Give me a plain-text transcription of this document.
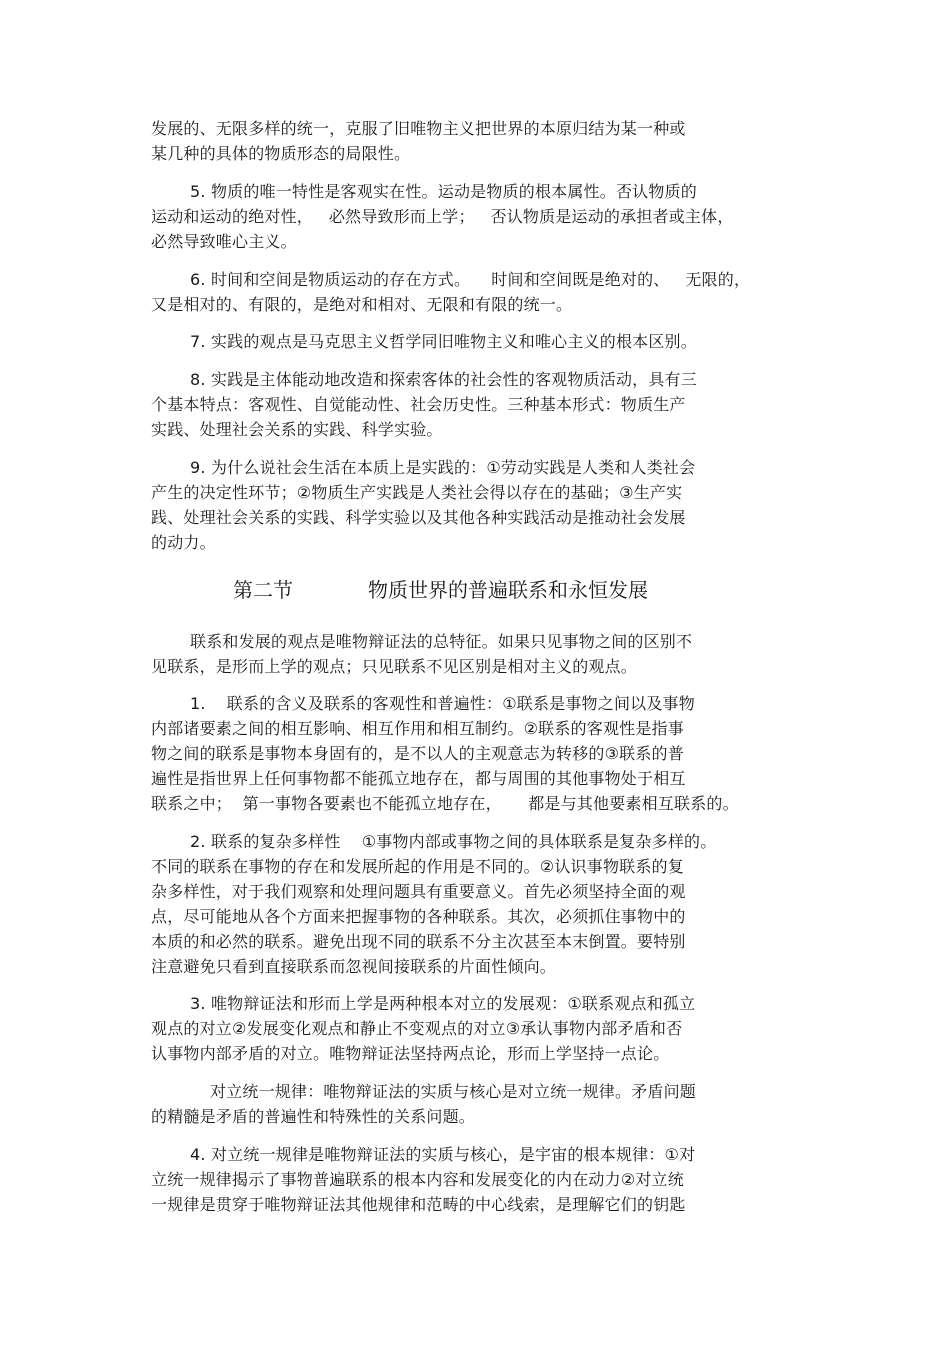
发展的、无限多样的统一，克服了旧唯物主义把世界的本原归结为某一种或
某几种的具体的物质形态的局限性。
5. 物质的唯一特性是客观实在性。运动是物质的根本属性。否认物质的
运动和运动的绝对性，   必然导致形而上学；   否认物质是运动的承担者或主体，
必然导致唯心主义。
6. 时间和空间是物质运动的存在方式。    时间和空间既是绝对的、   无限的，
又是相对的、有限的，是绝对和相对、无限和有限的统一。
7. 实践的观点是马克思主义哲学同旧唯物主义和唯心主义的根本区别。
8. 实践是主体能动地改造和探索客体的社会性的客观物质活动，具有三
个基本特点：客观性、自觉能动性、社会历史性。三种基本形式：物质生产
实践、处理社会关系的实践、科学实验。
9. 为什么说社会生活在本质上是实践的：①劳动实践是人类和人类社会
产生的决定性环节；②物质生产实践是人类社会得以存在的基础；③生产实
践、处理社会关系的实践、科学实验以及其他各种实践活动是推动社会发展
的动力。
第二节	物质世界的普遍联系和永恒发展
联系和发展的观点是唯物辩证法的总特征。如果只见事物之间的区别不
见联系，是形而上学的观点；只见联系不见区别是相对主义的观点。
1.    联系的含义及联系的客观性和普遍性：①联系是事物之间以及事物
内部诸要素之间的相互影响、相互作用和相互制约。②联系的客观性是指事
物之间的联系是事物本身固有的，是不以人的主观意志为转移的③联系的普
遍性是指世界上任何事物都不能孤立地存在，都与周围的其他事物处于相互
联系之中；  第一事物各要素也不能孤立地存在，     都是与其他要素相互联系的。
2. 联系的复杂多样性    ①事物内部或事物之间的具体联系是复杂多样的。
不同的联系在事物的存在和发展所起的作用是不同的。②认识事物联系的复
杂多样性，对于我们观察和处理问题具有重要意义。首先必须坚持全面的观
点，尽可能地从各个方面来把握事物的各种联系。其次，必须抓住事物中的
本质的和必然的联系。避免出现不同的联系不分主次甚至本末倒置。要特别
注意避免只看到直接联系而忽视间接联系的片面性倾向。
3. 唯物辩证法和形而上学是两种根本对立的发展观：①联系观点和孤立
观点的对立②发展变化观点和静止不变观点的对立③承认事物内部矛盾和否
认事物内部矛盾的对立。唯物辩证法坚持两点论，形而上学坚持一点论。
对立统一规律：唯物辩证法的实质与核心是对立统一规律。矛盾问题
的精髓是矛盾的普遍性和特殊性的关系问题。
4. 对立统一规律是唯物辩证法的实质与核心，是宇宙的根本规律：①对
立统一规律揭示了事物普遍联系的根本内容和发展变化的内在动力②对立统
一规律是贯穿于唯物辩证法其他规律和范畴的中心线索，是理解它们的钥匙
